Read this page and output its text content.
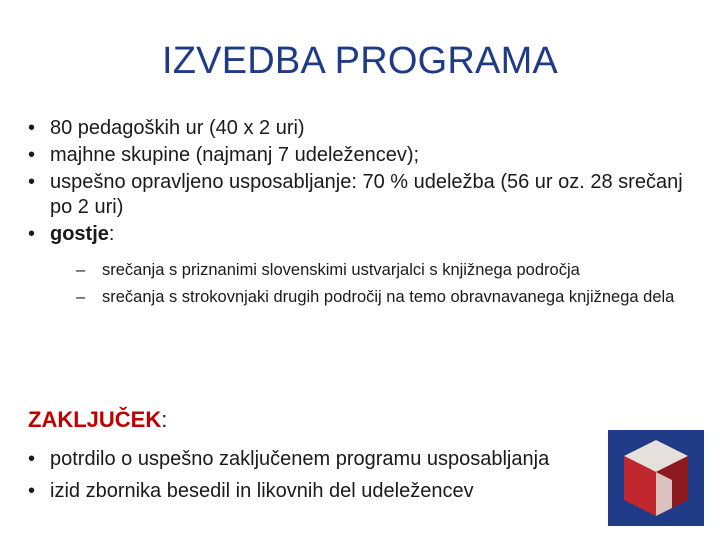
IZVEDBA PROGRAMA
• 80 pedagoških ur (40 x 2 uri)
• majhne skupine (najmanj 7 udeležencev);
• uspešno opravljeno usposabljanje: 70 % udeležba (56 ur oz. 28 srečanj po 2 uri)
• gostje:
– srečanja s priznanimi slovenskimi ustvarjalci s knjižnega področja
– srečanja s strokovnjaki drugih področij na temo obravnavanega knjižnega dela
ZAKLJUČEK:
• potrdilo o uspešno zaključenem programu usposabljanja
• izid zbornika besedil in likovnih del udeležencev
